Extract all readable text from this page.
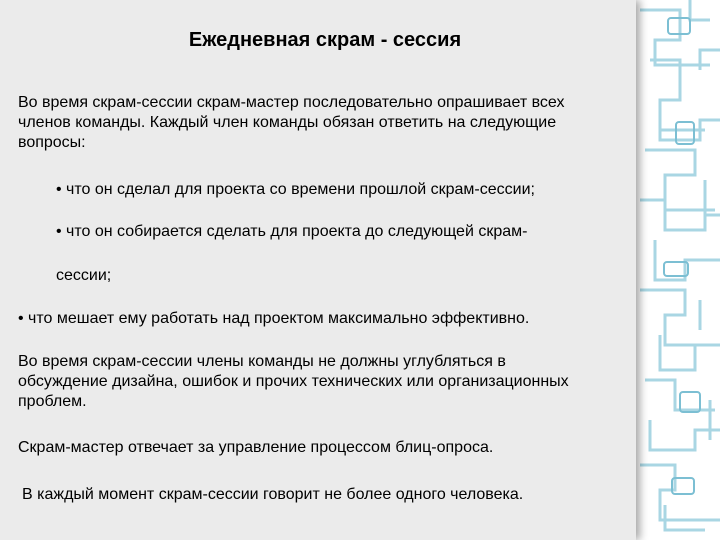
Ежедневная скрам - сессия
Во время скрам-сессии скрам-мастер последовательно опрашивает всех
членов команды. Каждый член команды обязан ответить на следующие
вопросы:
• что он сделал для проекта со времени прошлой скрам-сессии;
• что он собирается сделать для проекта до следующей скрам-
сессии;
• что мешает ему работать над проектом максимально эффективно.
Во время скрам-сессии члены команды не должны углубляться в
обсуждение дизайна, ошибок и прочих технических или организационных
проблем.
Скрам-мастер отвечает за управление процессом блиц-опроса.
В каждый момент скрам-сессии говорит не более одного человека.
